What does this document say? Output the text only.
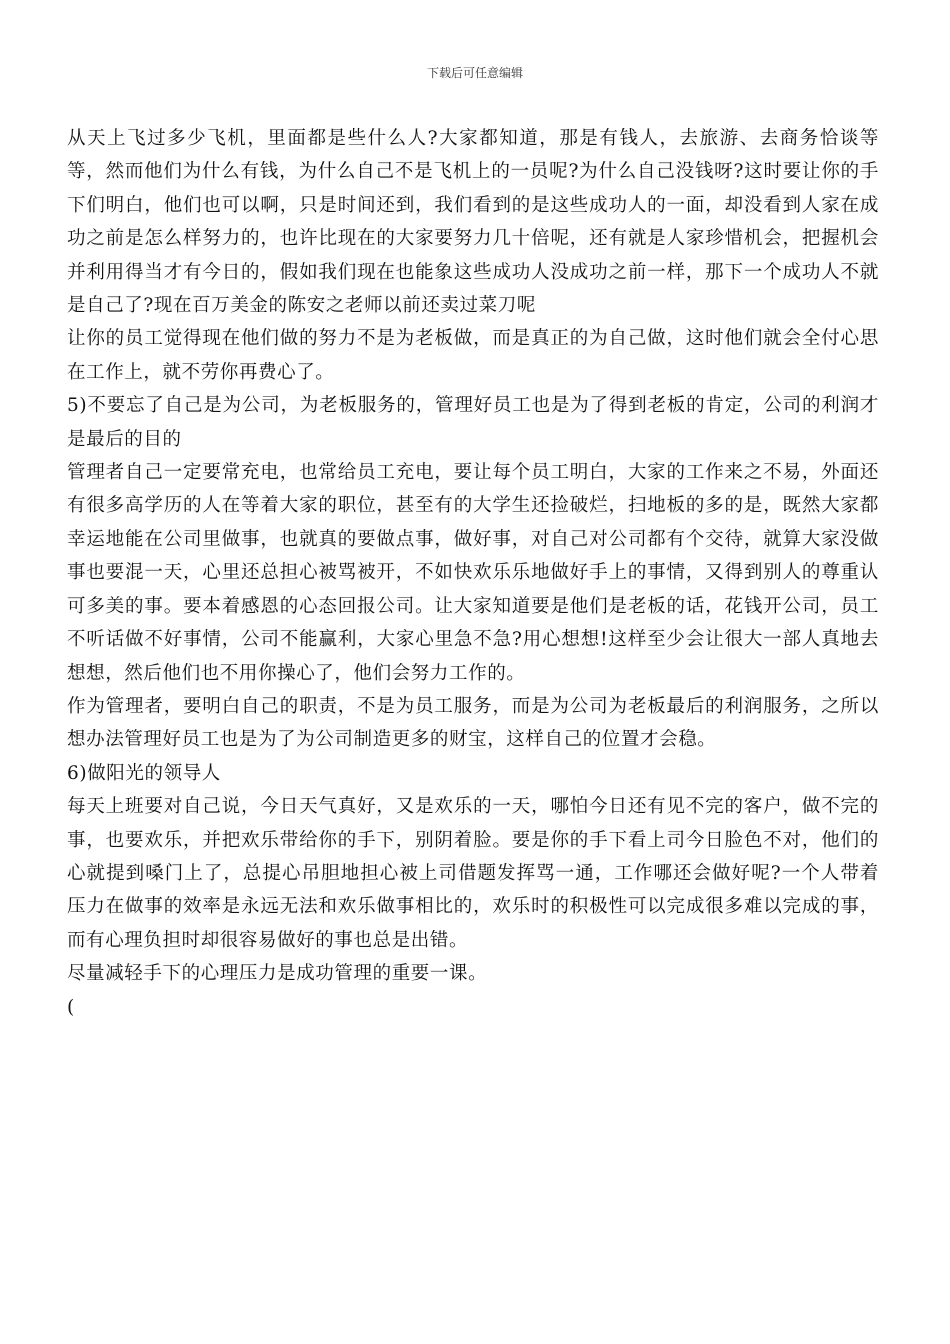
下载后可任意编辑

从天上飞过多少飞机，里面都是些什么人?大家都知道，那是有钱人，去旅游、去商务恰谈等等，然而他们为什么有钱，为什么自己不是飞机上的一员呢?为什么自己没钱呀?这时要让你的手下们明白，他们也可以啊，只是时间还到，我们看到的是这些成功人的一面，却没看到人家在成功之前是怎么样努力的，也许比现在的大家要努力几十倍呢，还有就是人家珍惜机会，把握机会并利用得当才有今日的，假如我们现在也能象这些成功人没成功之前一样，那下一个成功人不就是自己了?现在百万美金的陈安之老师以前还卖过菜刀呢

让你的员工觉得现在他们做的努力不是为老板做，而是真正的为自己做，这时他们就会全付心思在工作上，就不劳你再费心了。

5)不要忘了自己是为公司，为老板服务的，管理好员工也是为了得到老板的肯定，公司的利润才是最后的目的

管理者自己一定要常充电，也常给员工充电，要让每个员工明白，大家的工作来之不易，外面还有很多高学历的人在等着大家的职位，甚至有的大学生还捡破烂，扫地板的多的是，既然大家都幸运地能在公司里做事，也就真的要做点事，做好事，对自己对公司都有个交待，就算大家没做事也要混一天，心里还总担心被骂被开，不如快欢乐乐地做好手上的事情，又得到别人的尊重认可多美的事。要本着感恩的心态回报公司。让大家知道要是他们是老板的话，花钱开公司，员工不听话做不好事情，公司不能赢利，大家心里急不急?用心想想!这样至少会让很大一部人真地去想想，然后他们也不用你操心了，他们会努力工作的。

作为管理者，要明白自己的职责，不是为员工服务，而是为公司为老板最后的利润服务，之所以想办法管理好员工也是为了为公司制造更多的财宝，这样自己的位置才会稳。

6)做阳光的领导人

每天上班要对自己说，今日天气真好，又是欢乐的一天，哪怕今日还有见不完的客户，做不完的事，也要欢乐，并把欢乐带给你的手下，别阴着脸。要是你的手下看上司今日脸色不对，他们的心就提到嗓门上了，总提心吊胆地担心被上司借题发挥骂一通，工作哪还会做好呢?一个人带着压力在做事的效率是永远无法和欢乐做事相比的，欢乐时的积极性可以完成很多难以完成的事，而有心理负担时却很容易做好的事也总是出错。

尽量减轻手下的心理压力是成功管理的重要一课。

(
